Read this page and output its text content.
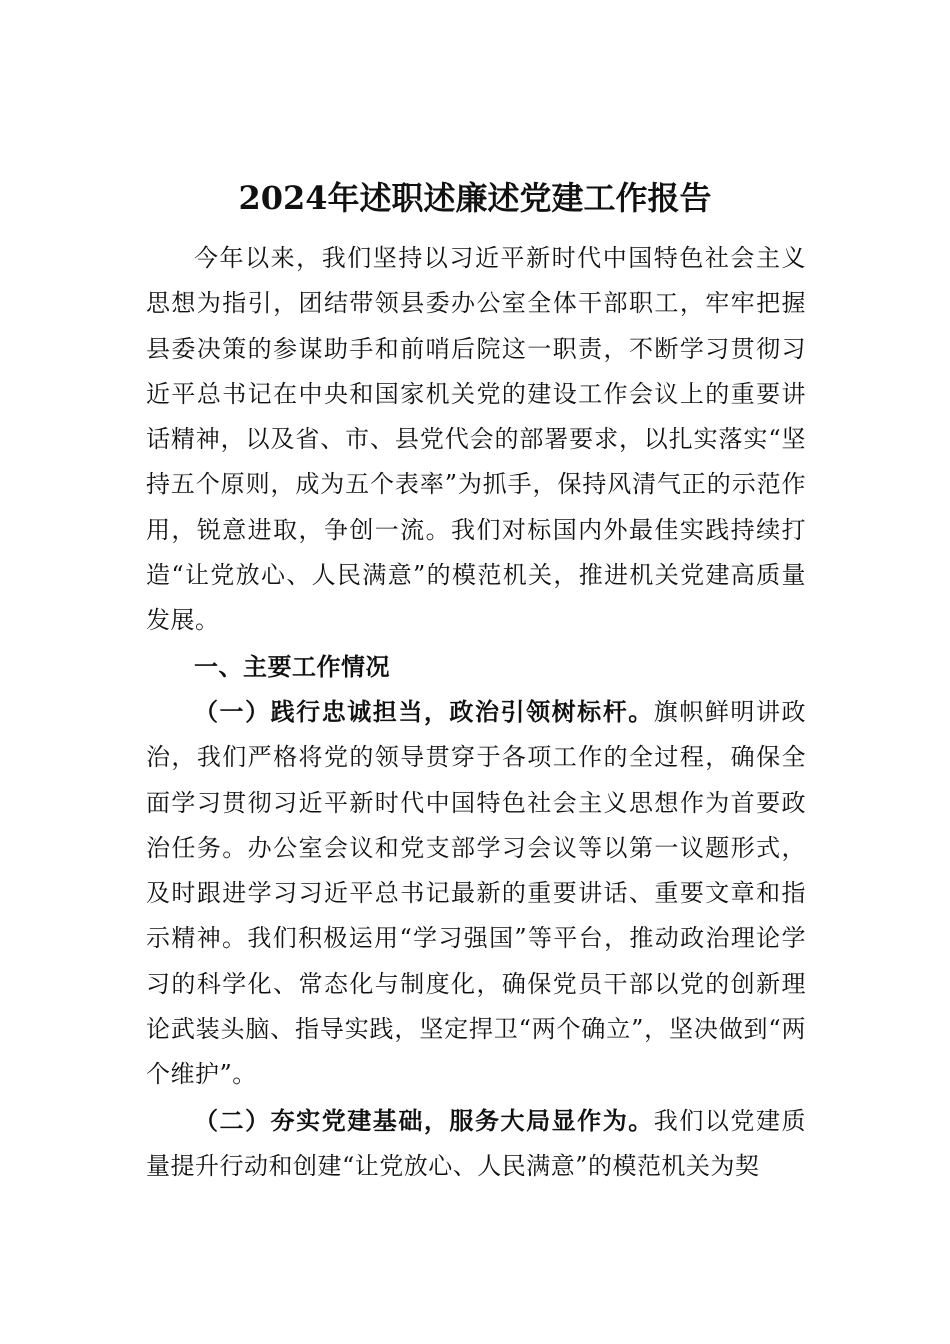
2024年述职述廉述党建工作报告

今年以来，我们坚持以习近平新时代中国特色社会主义思想为指引，团结带领县委办公室全体干部职工，牢牢把握县委决策的参谋助手和前哨后院这一职责，不断学习贯彻习近平总书记在中央和国家机关党的建设工作会议上的重要讲话精神，以及省、市、县党代会的部署要求，以扎实落实“坚持五个原则，成为五个表率”为抓手，保持风清气正的示范作用，锐意进取，争创一流。我们对标国内外最佳实践持续打造“让党放心、人民满意”的模范机关，推进机关党建高质量发展。

一、主要工作情况

（一）践行忠诚担当，政治引领树标杆。旗帜鲜明讲政治，我们严格将党的领导贯穿于各项工作的全过程，确保全面学习贯彻习近平新时代中国特色社会主义思想作为首要政治任务。办公室会议和党支部学习会议等以第一议题形式，及时跟进学习习近平总书记最新的重要讲话、重要文章和指示精神。我们积极运用“学习强国”等平台，推动政治理论学习的科学化、常态化与制度化，确保党员干部以党的创新理论武装头脑、指导实践，坚定捍卫“两个确立”，坚决做到“两个维护”。

（二）夯实党建基础，服务大局显作为。我们以党建质量提升行动和创建“让党放心、人民满意”的模范机关为契
